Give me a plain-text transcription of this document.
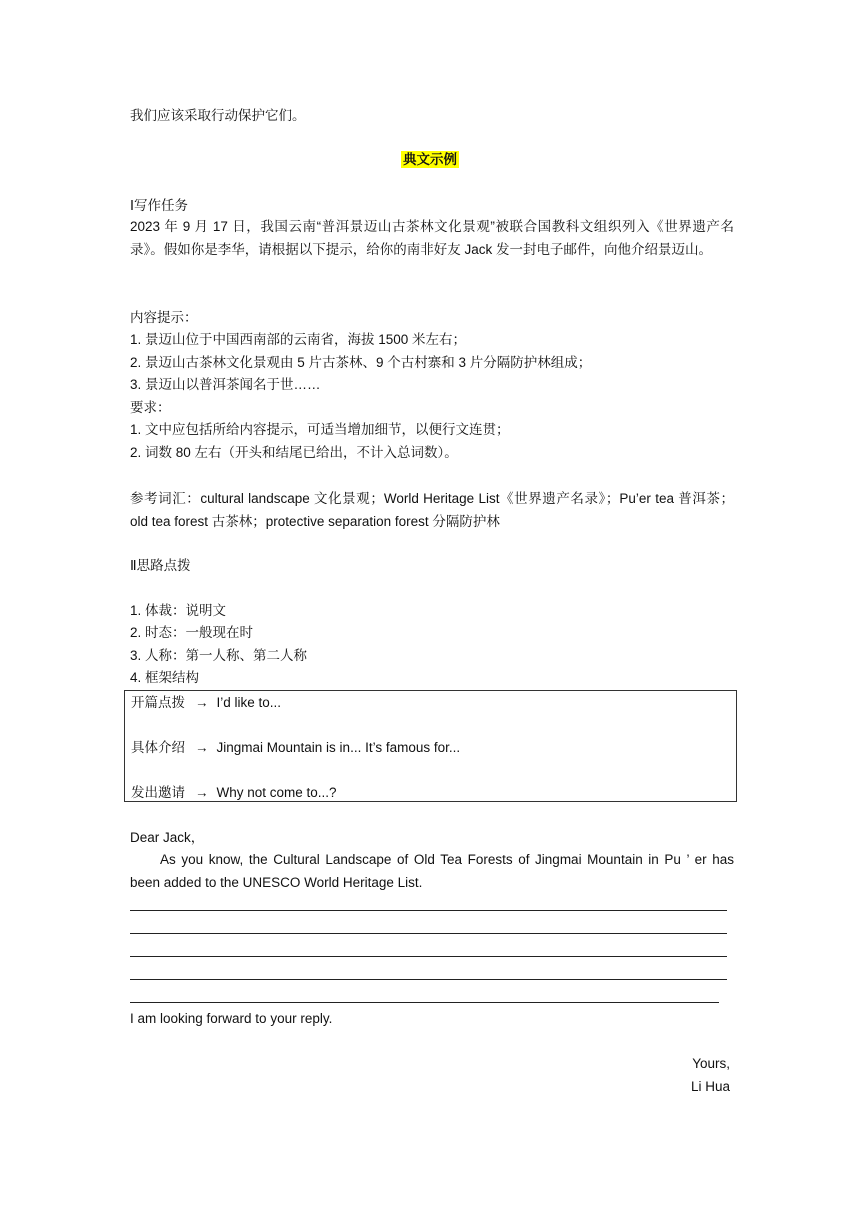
我们应该采取行动保护它们。
典文示例
Ⅰ写作任务
2023 年 9 月 17 日，我国云南“普洱景迈山古茶林文化景观”被联合国教科文组织列入《世界遗产名录》。假如你是李华，请根据以下提示，给你的南非好友 Jack 发一封电子邮件，向他介绍景迈山。
内容提示：
1. 景迈山位于中国西南部的云南省，海拔 1500 米左右；
2. 景迈山古茶林文化景观由 5 片古茶林、9 个古村寨和 3 片分隔防护林组成；
3. 景迈山以普洱茶闻名于世……
要求：
1. 文中应包括所给内容提示，可适当增加细节，以便行文连贯；
2. 词数 80 左右（开头和结尾已给出，不计入总词数）。
参考词汇：cultural landscape 文化景观；World Heritage List《世界遗产名录》；Pu’er tea 普洱茶；old tea forest 古茶林；protective separation forest 分隔防护林
Ⅱ思路点拨
1. 体裁：说明文
2. 时态：一般现在时
3. 人称：第一人称、第二人称
4. 框架结构
开篇点拨 → I’d like to...
具体介绍 → Jingmai Mountain is in... It’s famous for...
发出邀请 → Why not come to...?
Dear Jack，
As you know, the Cultural Landscape of Old Tea Forests of Jingmai Mountain in Pu ’ er has been added to the UNESCO World Heritage List.
I am looking forward to your reply.
Yours,
Li Hua
